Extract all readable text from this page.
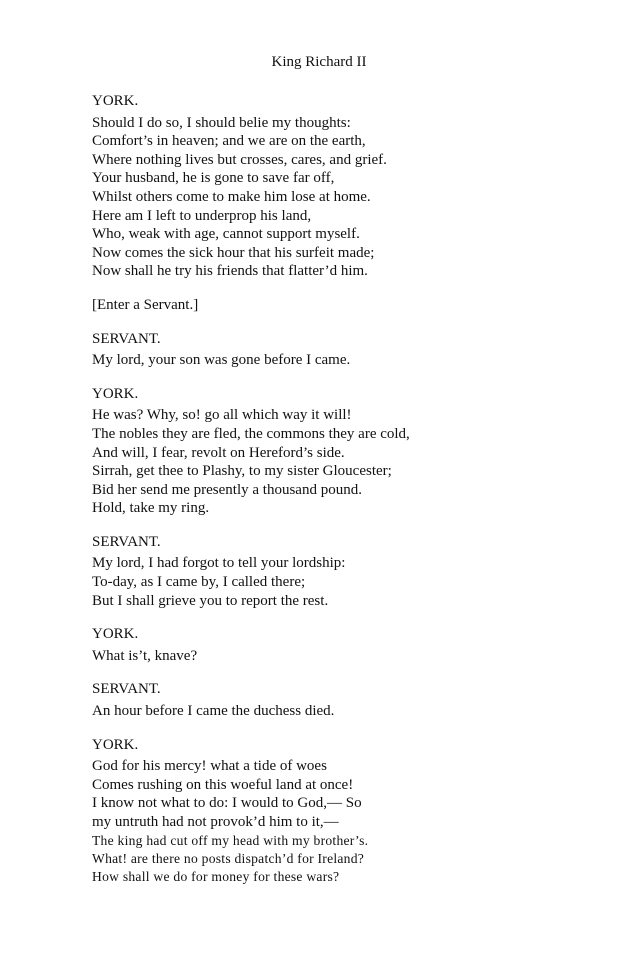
King Richard II
YORK.
Should I do so, I should belie my thoughts:
Comfort’s in heaven; and we are on the earth,
Where nothing lives but crosses, cares, and grief.
Your husband, he is gone to save far off,
Whilst others come to make him lose at home.
Here am I left to underprop his land,
Who, weak with age, cannot support myself.
Now comes the sick hour that his surfeit made;
Now shall he try his friends that flatter’d him.
[Enter a Servant.]
SERVANT.
My lord, your son was gone before I came.
YORK.
He was? Why, so! go all which way it will!
The nobles they are fled, the commons they are cold,
And will, I fear, revolt on Hereford’s side.
Sirrah, get thee to Plashy, to my sister Gloucester;
Bid her send me presently a thousand pound.
Hold, take my ring.
SERVANT.
My lord, I had forgot to tell your lordship:
To-day, as I came by, I called there;
But I shall grieve you to report the rest.
YORK.
What is’t, knave?
SERVANT.
An hour before I came the duchess died.
YORK.
God for his mercy! what a tide of woes
Comes rushing on this woeful land at once!
I know not what to do: I would to God,— So
my untruth had not provok’d him to it,—
The king had cut off my head with my brother’s.
What! are there no posts dispatch’d for Ireland?
How shall we do for money for these wars?
